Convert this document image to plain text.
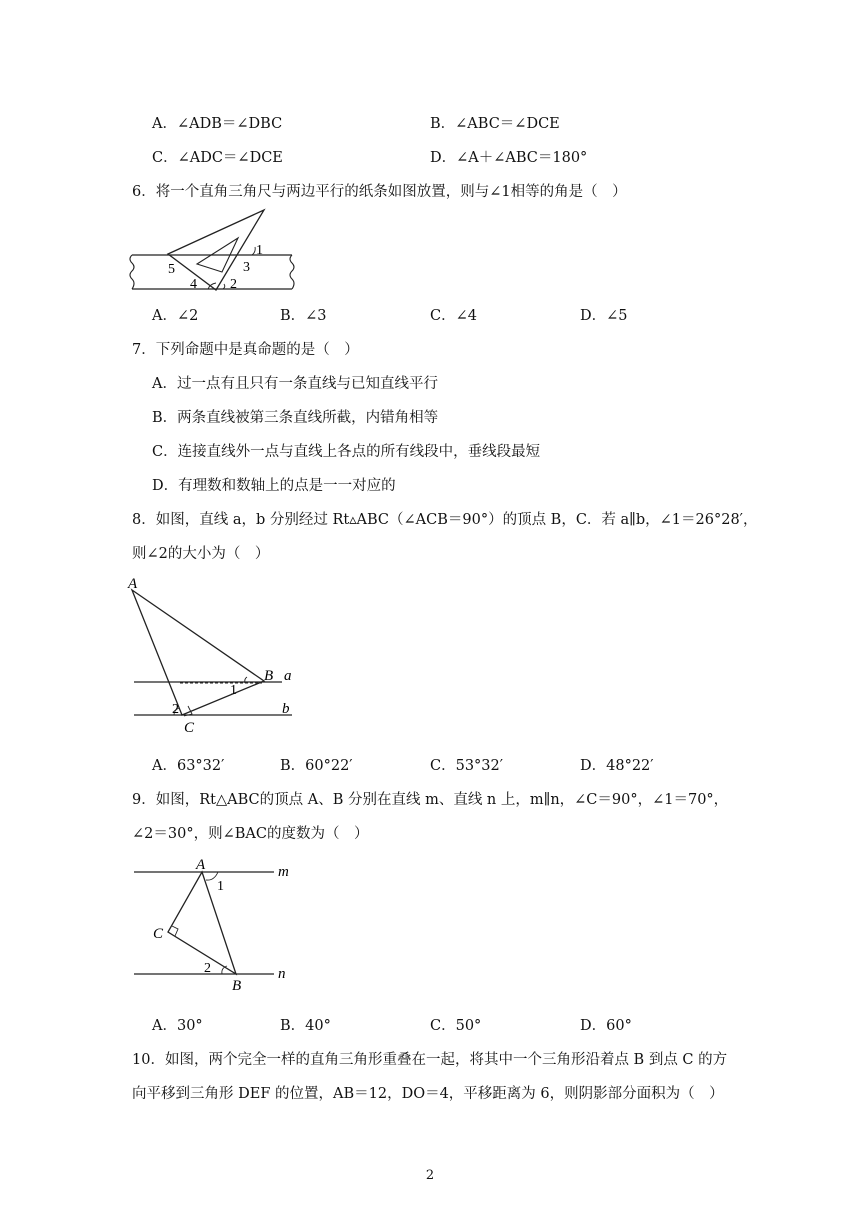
A．∠ADB＝∠DBC	B．∠ABC＝∠DCE
C．∠ADC＝∠DCE	D．∠A＋∠ABC＝180°
6．将一个直角三角尺与两边平行的纸条如图放置，则与∠1相等的角是（　）
1
2
3
4
5
A．∠2	B．∠3	C．∠4	D．∠5
7．下列命题中是真命题的是（　）
A．过一点有且只有一条直线与已知直线平行
B．两条直线被第三条直线所截，内错角相等
C．连接直线外一点与直线上各点的所有线段中，垂线段最短
D．有理数和数轴上的点是一一对应的
8．如图，直线 a，b 分别经过 Rt▵ABC（∠ACB＝90°）的顶点 B，C．若 a∥b，∠1＝26°28′，
则∠2的大小为（　）
A
B a
1
2
C
b
A．63°32′	B．60°22′	C．53°32′	D．48°22′
9．如图，Rt△ABC的顶点 A、B 分别在直线 m、直线 n 上，m∥n，∠C＝90°，∠1＝70°，
∠2＝30°，则∠BAC的度数为（　）
A	m
1
C
2	n
B
A．30°	B．40°	C．50°	D．60°
10．如图，两个完全一样的直角三角形重叠在一起，将其中一个三角形沿着点 B 到点 C 的方
向平移到三角形 DEF 的位置，AB＝12，DO＝4，平移距离为 6，则阴影部分面积为（　）
2
